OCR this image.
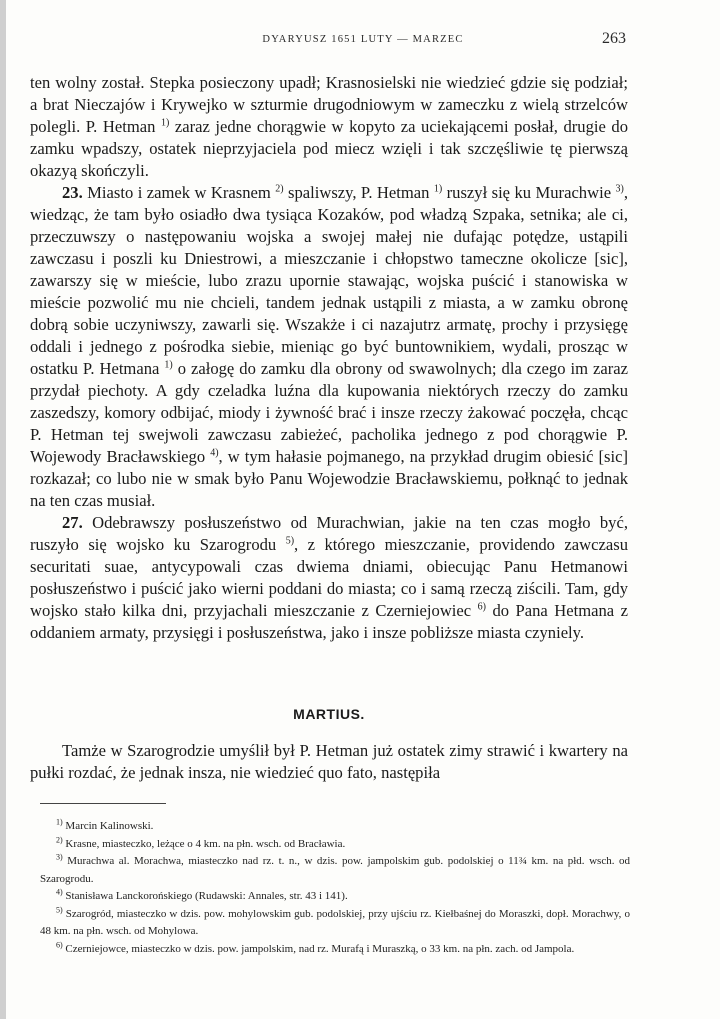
DYARYUSZ 1651 LUTY — MARZEC	263

ten wolny został. Stepka posieczony upadł; Krasnosielski nie wiedzieć gdzie się podział; a brat Nieczajów i Krywejko w szturmie drugodniowym w zameczku z wielą strzelców polegli. P. Hetman $^{1)}$ zaraz jedne chorągwie w kopyto za uciekającemi posłał, drugie do zamku wpadszy, ostatek nieprzyjaciela pod miecz wzięli i tak szczęśliwie tę pierwszą okazyą skończyli.

23. Miasto i zamek w Krasnem $^{2)}$ spaliwszy, P. Hetman $^{1)}$ ruszył się ku Murachwie $^{3)}$, wiedząc, że tam było osiadło dwa tysiąca Kozaków, pod władzą Szpaka, setnika; ale ci, przeczuwszy o następowaniu wojska a swojej małej nie dufając potędze, ustąpili zawczasu i poszli ku Dniestrowi, a mieszczanie i chłopstwo tameczne okolicze [sic], zawarszy się w mieście, lubo zrazu upornie stawając, wojska puścić i stanowiska w mieście pozwolić mu nie chcieli, tandem jednak ustąpili z miasta, a w zamku obronę dobrą sobie uczyniwszy, zawarli się. Wszakże i ci nazajutrz armatę, prochy i przysięgę oddali i jednego z pośrodka siebie, mieniąc go być buntownikiem, wydali, prosząc w ostatku P. Hetmana $^{1)}$ o załogę do zamku dla obrony od swawolnych; dla czego im zaraz przydał piechoty. A gdy czeladka luźna dla kupowania niektórych rzeczy do zamku zaszedszy, komory odbijać, miody i żywność brać i insze rzeczy żakować poczęła, chcąc P. Hetman tej swejwoli zawczasu zabieżeć, pacholika jednego z pod chorągwie P. Wojewody Bracławskiego $^{4)}$, w tym hałasie pojmanego, na przykład drugim obiesić [sic] rozkazał; co lubo nie w smak było Panu Wojewodzie Bracławskiemu, połknąć to jednak na ten czas musiał.

27. Odebrawszy posłuszeństwo od Murachwian, jakie na ten czas mogło być, ruszyło się wojsko ku Szarogrodu $^{5)}$, z którego mieszczanie, providendo zawczasu securitati suae, antycypowali czas dwiema dniami, obiecując Panu Hetmanowi posłuszeństwo i puścić jako wierni poddani do miasta; co i samą rzeczą ziścili. Tam, gdy wojsko stało kilka dni, przyjachali mieszczanie z Czerniejowiec $^{6)}$ do Pana Hetmana z oddaniem armaty, przysięgi i posłuszeństwa, jako i insze pobliższe miasta czyniely.

MARTIUS.
Tamże w Szarogrodzie umyślił był P. Hetman już ostatek zimy strawić i kwartery na pułki rozdać, że jednak insza, nie wiedzieć quo fato, następiła

$^{1)}$ Marcin Kalinowski.

$^{2)}$ Krasne, miasteczko, leżące o 4 km. na płn. wsch. od Bracławia.

$^{3)}$ Murachwa al. Morachwa, miasteczko nad rz. t. n., w dzis. pow. jampolskim gub. podolskiej o 11¾ km. na płd. wsch. od Szarogrodu.

$^{4)}$ Stanisława Lanckorońskiego (Rudawski: Annales, str. 43 i 141).

$^{5)}$ Szarogród, miasteczko w dzis. pow. mohylowskim gub. podolskiej, przy ujściu rz. Kiełbaśnej do Moraszki, dopł. Morachwy, o 48 km. na płn. wsch. od Mohylowa.

$^{6)}$ Czerniejowce, miasteczko w dzis. pow. jampolskim, nad rz. Murafą i Muraszką, o 33 km. na płn. zach. od Jampola.
